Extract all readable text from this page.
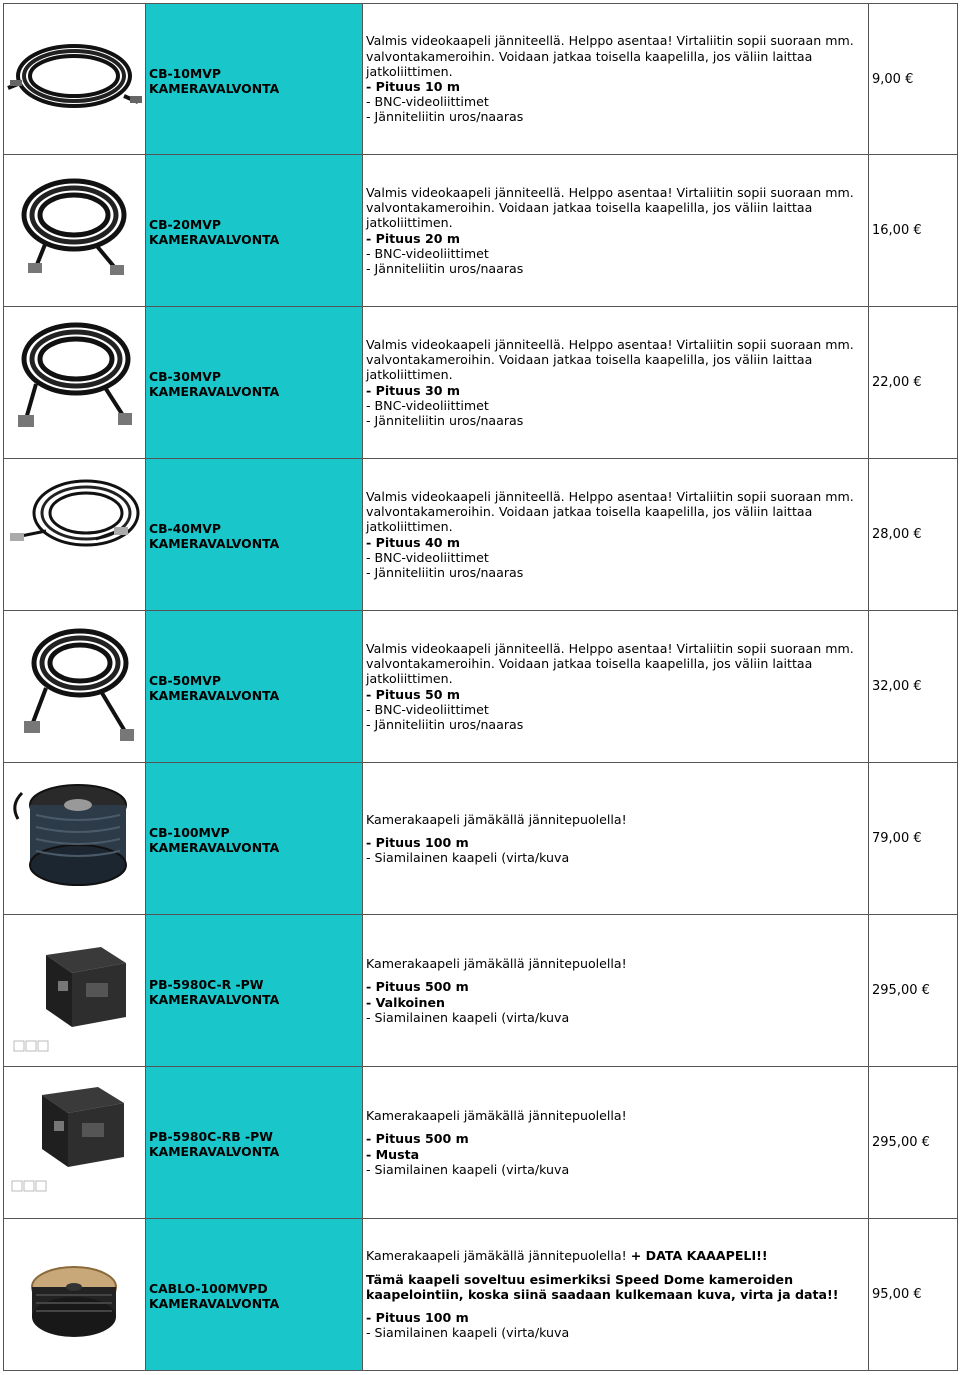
CB-10MVP
KAMERAVALVONTA
Valmis videokaapeli jänniteellä. Helppo asentaa! Virtaliitin sopii suoraan mm. valvontakameroihin. Voidaan jatkaa toisella kaapelilla, jos väliin laittaa jatkoliittimen.
- Pituus 10 m
- BNC-videoliittimet
- Jänniteliitin uros/naaras
9,00 €
CB-20MVP
KAMERAVALVONTA
Valmis videokaapeli jänniteellä. Helppo asentaa! Virtaliitin sopii suoraan mm. valvontakameroihin. Voidaan jatkaa toisella kaapelilla, jos väliin laittaa jatkoliittimen.
- Pituus 20 m
- BNC-videoliittimet
- Jänniteliitin uros/naaras
16,00 €
CB-30MVP
KAMERAVALVONTA
Valmis videokaapeli jänniteellä. Helppo asentaa! Virtaliitin sopii suoraan mm. valvontakameroihin. Voidaan jatkaa toisella kaapelilla, jos väliin laittaa jatkoliittimen.
- Pituus 30 m
- BNC-videoliittimet
- Jänniteliitin uros/naaras
22,00 €
CB-40MVP
KAMERAVALVONTA
Valmis videokaapeli jänniteellä. Helppo asentaa! Virtaliitin sopii suoraan mm. valvontakameroihin. Voidaan jatkaa toisella kaapelilla, jos väliin laittaa jatkoliittimen.
- Pituus 40 m
- BNC-videoliittimet
- Jänniteliitin uros/naaras
28,00 €
CB-50MVP
KAMERAVALVONTA
Valmis videokaapeli jänniteellä. Helppo asentaa! Virtaliitin sopii suoraan mm. valvontakameroihin. Voidaan jatkaa toisella kaapelilla, jos väliin laittaa jatkoliittimen.
- Pituus 50 m
- BNC-videoliittimet
- Jänniteliitin uros/naaras
32,00 €
CB-100MVP
KAMERAVALVONTA
Kamerakaapeli jämäkällä jännitepuolella!
- Pituus 100 m
- Siamilainen kaapeli (virta/kuva
79,00 €
PB-5980C-R -PW
KAMERAVALVONTA
Kamerakaapeli jämäkällä jännitepuolella!
- Pituus 500 m
- Valkoinen
- Siamilainen kaapeli (virta/kuva
295,00 €
PB-5980C-RB -PW
KAMERAVALVONTA
Kamerakaapeli jämäkällä jännitepuolella!
- Pituus 500 m
- Musta
- Siamilainen kaapeli (virta/kuva
295,00 €
CABLO-100MVPD
KAMERAVALVONTA
Kamerakaapeli jämäkällä jännitepuolella! + DATA KAAAPELI!!
Tämä kaapeli soveltuu esimerkiksi Speed Dome kameroiden kaapelointiin, koska siinä saadaan kulkemaan kuva, virta ja data!!
- Pituus 100 m
- Siamilainen kaapeli (virta/kuva
95,00 €
